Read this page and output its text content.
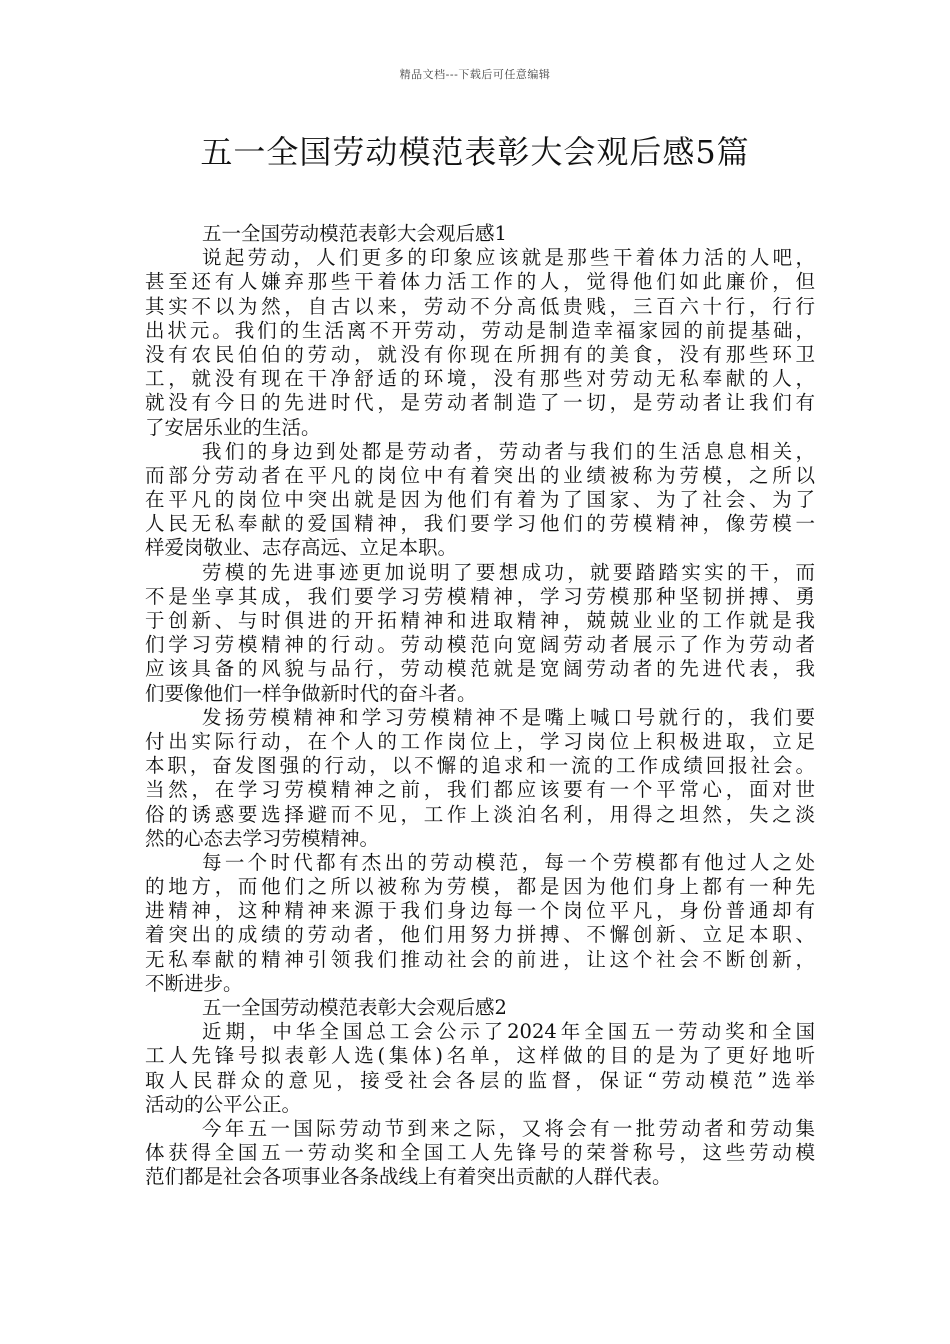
精品文档---下载后可任意编辑
五一全国劳动模范表彰大会观后感5篇
五一全国劳动模范表彰大会观后感1
说起劳动，人们更多的印象应该就是那些干着体力活的人吧，
甚至还有人嫌弃那些干着体力活工作的人，觉得他们如此廉价，但
其实不以为然，自古以来，劳动不分高低贵贱，三百六十行，行行
出状元。我们的生活离不开劳动，劳动是制造幸福家园的前提基础，
没有农民伯伯的劳动，就没有你现在所拥有的美食，没有那些环卫
工，就没有现在干净舒适的环境，没有那些对劳动无私奉献的人，
就没有今日的先进时代，是劳动者制造了一切，是劳动者让我们有
了安居乐业的生活。
我们的身边到处都是劳动者，劳动者与我们的生活息息相关，
而部分劳动者在平凡的岗位中有着突出的业绩被称为劳模，之所以
在平凡的岗位中突出就是因为他们有着为了国家、为了社会、为了
人民无私奉献的爱国精神，我们要学习他们的劳模精神，像劳模一
样爱岗敬业、志存高远、立足本职。
劳模的先进事迹更加说明了要想成功，就要踏踏实实的干，而
不是坐享其成，我们要学习劳模精神，学习劳模那种坚韧拼搏、勇
于创新、与时俱进的开拓精神和进取精神，兢兢业业的工作就是我
们学习劳模精神的行动。劳动模范向宽阔劳动者展示了作为劳动者
应该具备的风貌与品行，劳动模范就是宽阔劳动者的先进代表，我
们要像他们一样争做新时代的奋斗者。
发扬劳模精神和学习劳模精神不是嘴上喊口号就行的，我们要
付出实际行动，在个人的工作岗位上，学习岗位上积极进取，立足
本职，奋发图强的行动，以不懈的追求和一流的工作成绩回报社会。
当然，在学习劳模精神之前，我们都应该要有一个平常心，面对世
俗的诱惑要选择避而不见，工作上淡泊名利，用得之坦然，失之淡
然的心态去学习劳模精神。
每一个时代都有杰出的劳动模范，每一个劳模都有他过人之处
的地方，而他们之所以被称为劳模，都是因为他们身上都有一种先
进精神，这种精神来源于我们身边每一个岗位平凡，身份普通却有
着突出的成绩的劳动者，他们用努力拼搏、不懈创新、立足本职、
无私奉献的精神引领我们推动社会的前进，让这个社会不断创新，
不断进步。
五一全国劳动模范表彰大会观后感2
近期，中华全国总工会公示了2024年全国五一劳动奖和全国
工人先锋号拟表彰人选(集体)名单，这样做的目的是为了更好地听
取人民群众的意见，接受社会各层的监督，保证“劳动模范”选举
活动的公平公正。
今年五一国际劳动节到来之际，又将会有一批劳动者和劳动集
体获得全国五一劳动奖和全国工人先锋号的荣誉称号，这些劳动模
范们都是社会各项事业各条战线上有着突出贡献的人群代表。
